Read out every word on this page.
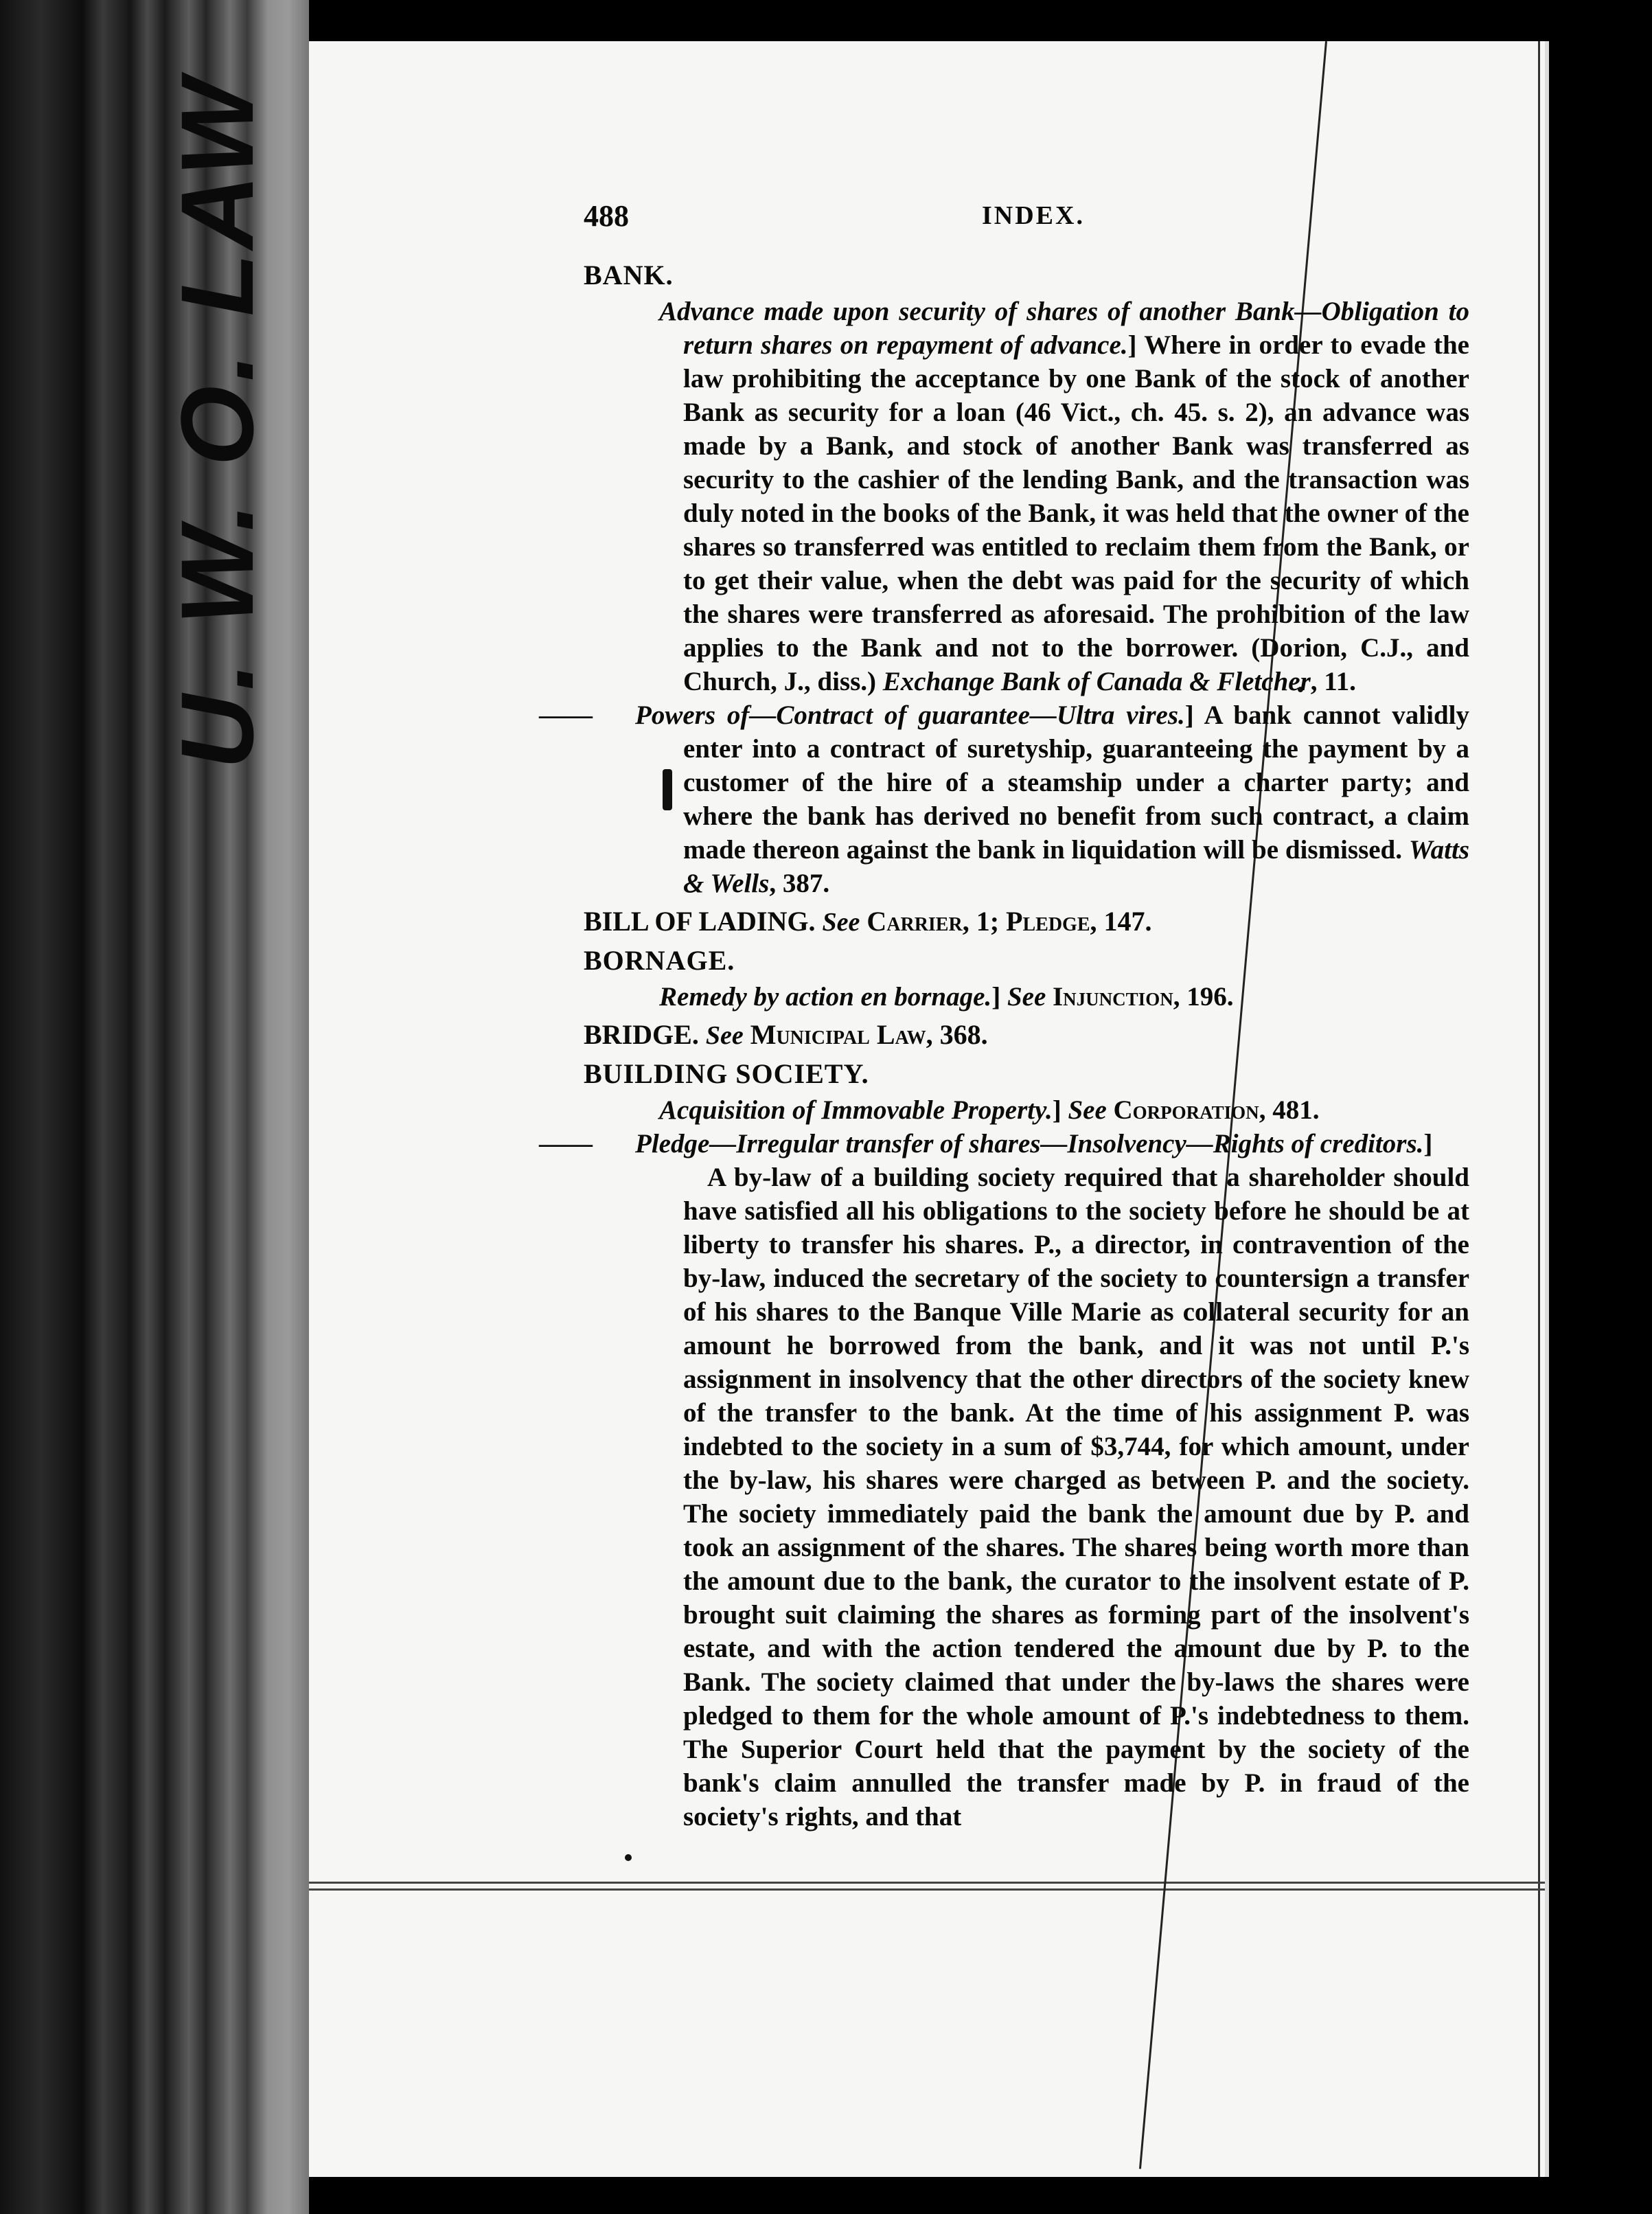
U. W. O. LAW	488	INDEX.
BANK.
Advance made upon security of shares of another Bank—Obligation to return shares on repayment of advance.] Where in order to evade the law prohibiting the acceptance by one Bank of the stock of another Bank as security for a loan (46 Vict., ch. 45. s. 2), an advance was made by a Bank, and stock of another Bank was transferred as security to the cashier of the lending Bank, and the transaction was duly noted in the books of the Bank, it was held that the owner of the shares so transferred was entitled to reclaim them from the Bank, or to get their value, when the debt was paid for the security of which the shares were transferred as aforesaid. The prohibition of the law applies to the Bank and not to the borrower. (Dorion, C.J., and Church, J., diss.) Exchange Bank of Canada & Fletcher, 11.
—— Powers of—Contract of guarantee—Ultra vires.] A bank cannot validly enter into a contract of suretyship, guaranteeing the payment by a customer of the hire of a steamship under a charter party; and where the bank has derived no benefit from such contract, a claim made thereon against the bank in liquidation will be dismissed. Watts & Wells, 387.
BILL OF LADING. See Carrier, 1; Pledge, 147.
BORNAGE.
Remedy by action en bornage.] See Injunction, 196.
BRIDGE. See Municipal Law, 368.
BUILDING SOCIETY.
Acquisition of Immovable Property.] See Corporation, 481.
—— Pledge—Irregular transfer of shares—Insolvency—Rights of creditors.]
A by-law of a building society required that a shareholder should have satisfied all his obligations to the society before he should be at liberty to transfer his shares. P., a director, in contravention of the by-law, induced the secretary of the society to countersign a transfer of his shares to the Banque Ville Marie as collateral security for an amount he borrowed from the bank, and it was not until P.'s assignment in insolvency that the other directors of the society knew of the transfer to the bank. At the time of his assignment P. was indebted to the society in a sum of $3,744, for which amount, under the by-law, his shares were charged as between P. and the society. The society immediately paid the bank the amount due by P. and took an assignment of the shares. The shares being worth more than the amount due to the bank, the curator to the insolvent estate of P. brought suit claiming the shares as forming part of the insolvent's estate, and with the action tendered the amount due by P. to the Bank. The society claimed that under the by-laws the shares were pledged to them for the whole amount of P.'s indebtedness to them. The Superior Court held that the payment by the society of the bank's claim annulled the transfer made by P. in fraud of the society's rights, and that
